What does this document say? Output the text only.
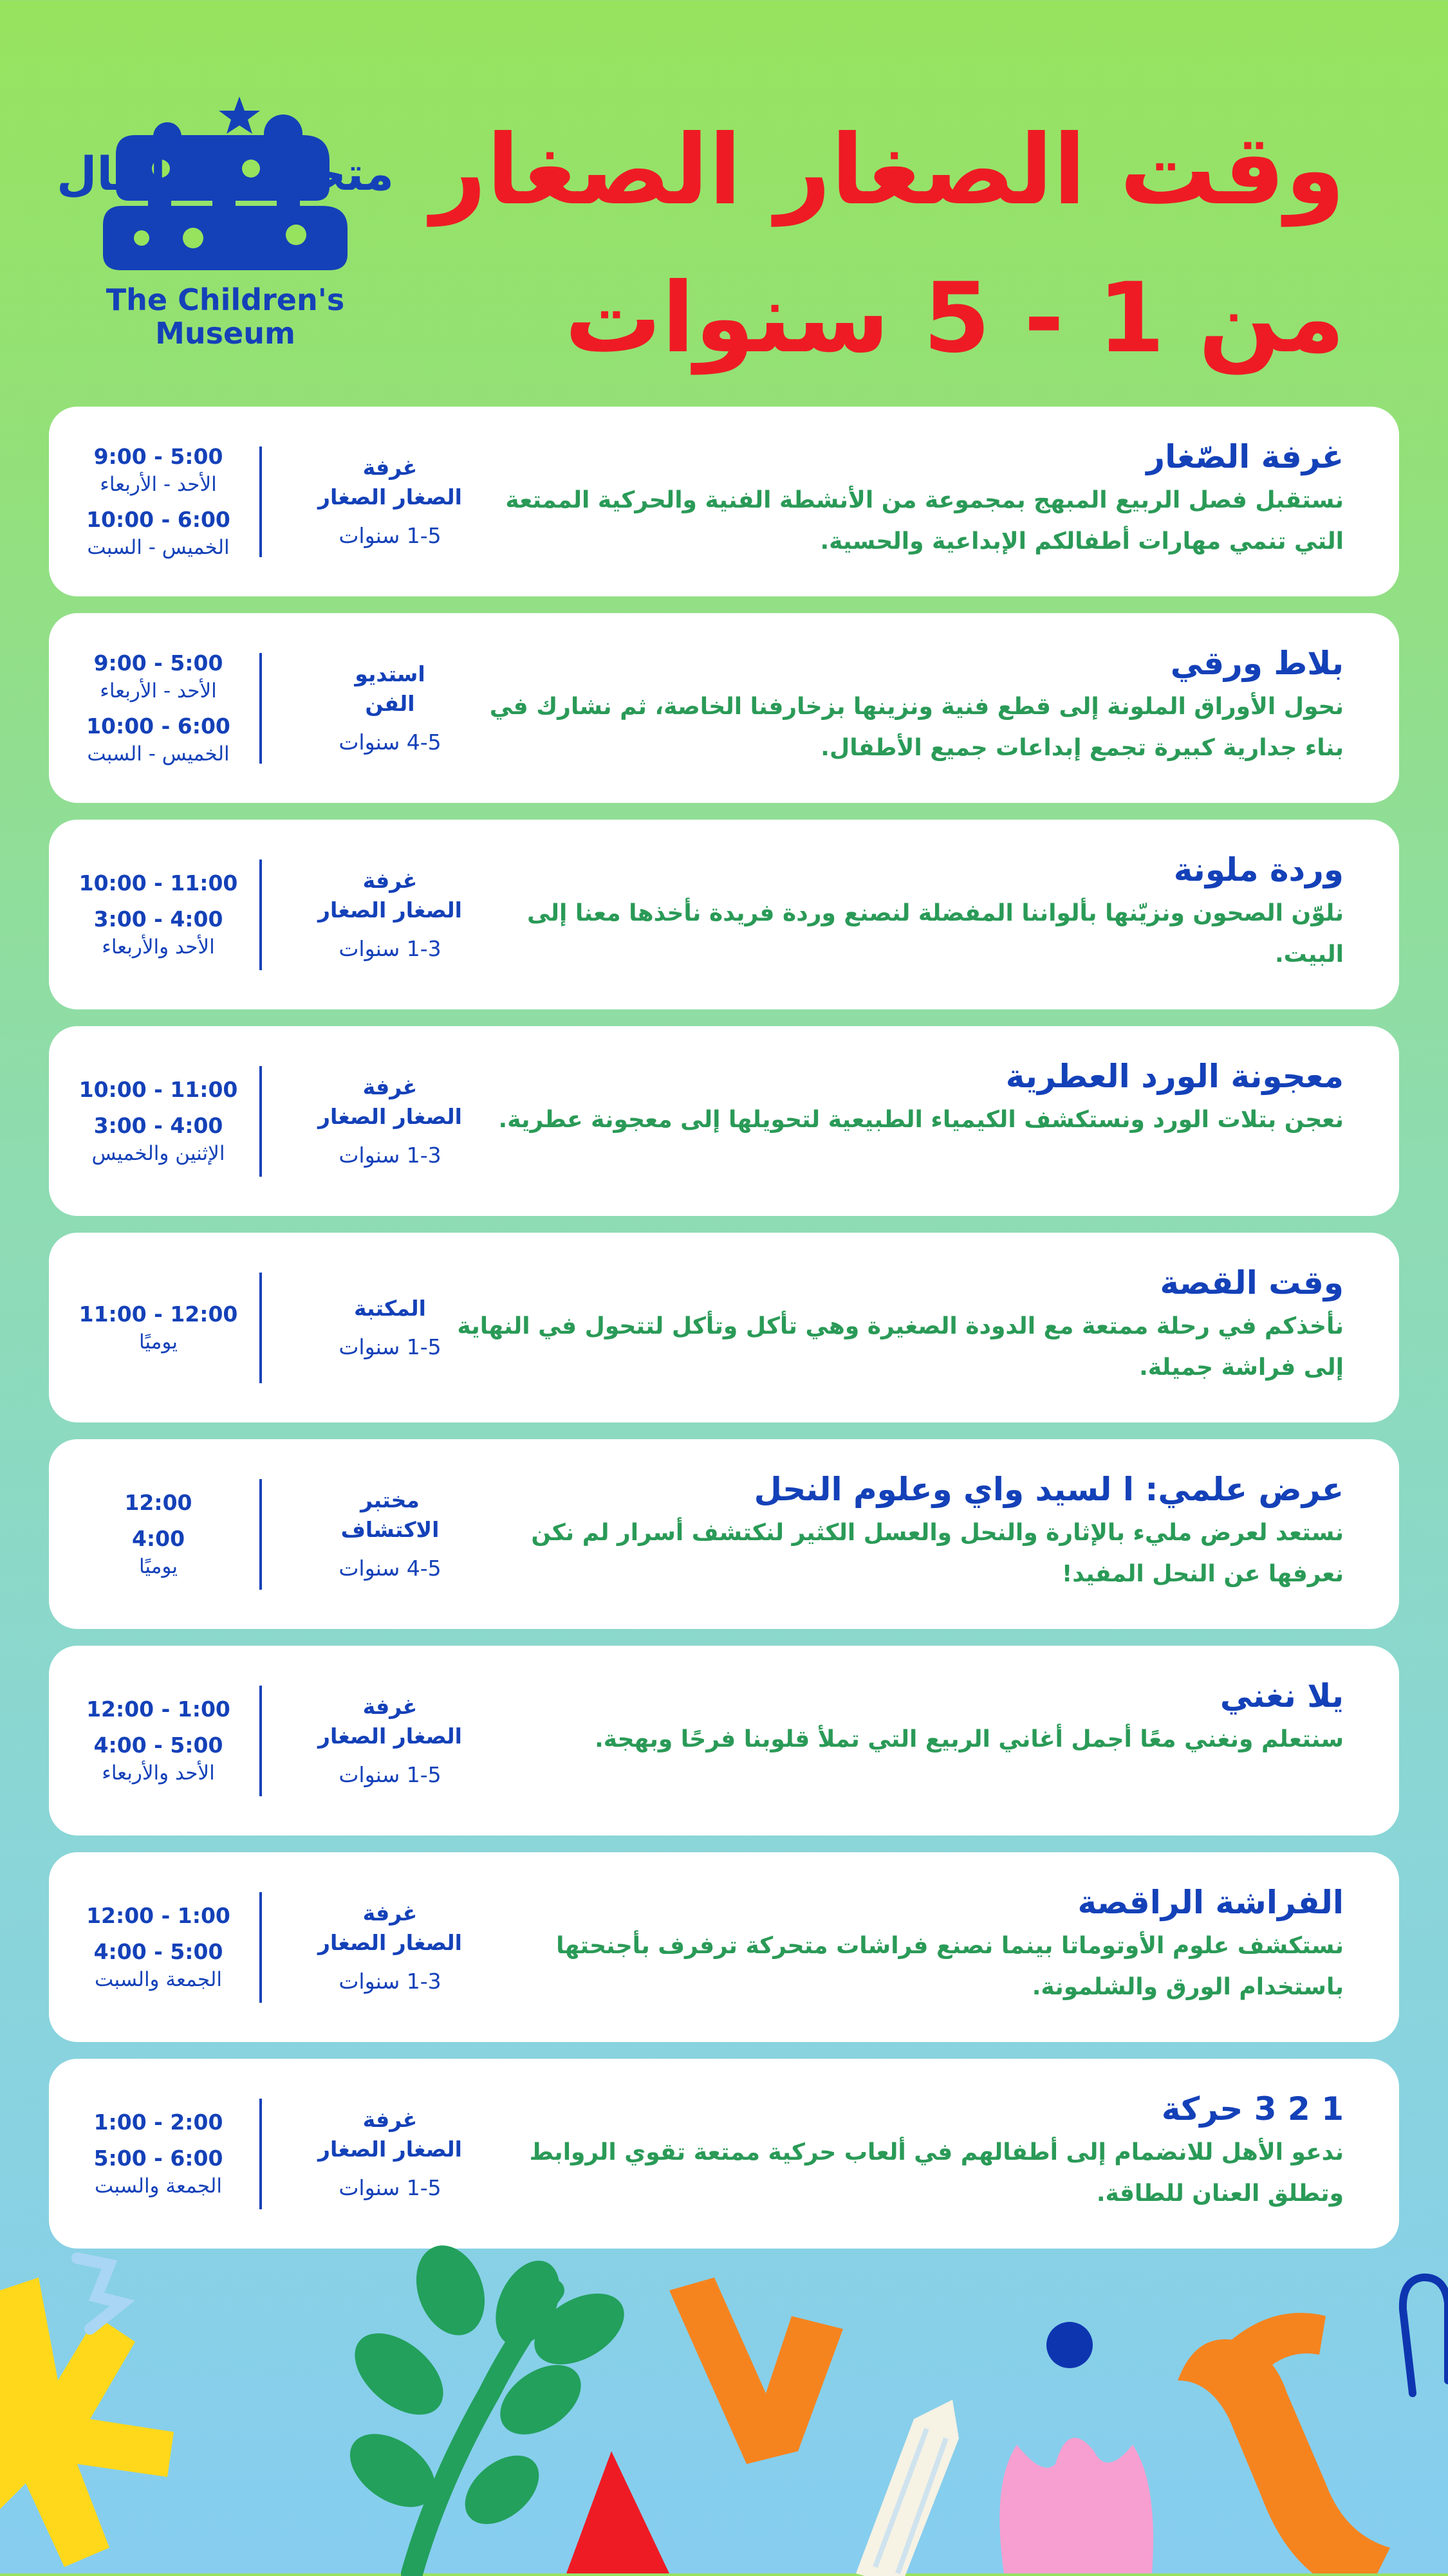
وقت الصغار الصغار
من 1 - 5 سنوات
متحف الأطفال
The Children's
Museum
غرفة الصّغار
نستقبل فصل الربيع المبهج بمجموعة من الأنشطة الفنية والحركية الممتعة التي تنمي مهارات أطفالكم الإبداعية والحسية.
غرفة
الصغار الصغار
1-5 سنوات
9:00 - 5:00
الأحد - الأربعاء
10:00 - 6:00
الخميس - السبت
بلاط ورقي
نحول الأوراق الملونة إلى قطع فنية ونزينها بزخارفنا الخاصة، ثم نشارك في بناء جدارية كبيرة تجمع إبداعات جميع الأطفال.
استديو
الفن
4-5 سنوات
9:00 - 5:00
الأحد - الأربعاء
10:00 - 6:00
الخميس - السبت
وردة ملونة
نلوّن الصحون ونزيّنها بألواننا المفضلة لنصنع وردة فريدة نأخذها معنا إلى البيت.
غرفة
الصغار الصغار
1-3 سنوات
10:00 - 11:00
3:00 - 4:00
الأحد والأربعاء
معجونة الورد العطرية
نعجن بتلات الورد ونستكشف الكيمياء الطبيعية لتحويلها إلى معجونة عطرية.
غرفة
الصغار الصغار
1-3 سنوات
10:00 - 11:00
3:00 - 4:00
الإثنين والخميس
وقت القصة
نأخذكم في رحلة ممتعة مع الدودة الصغيرة وهي تأكل وتأكل لتتحول في النهاية إلى فراشة جميلة.
المكتبة
1-5 سنوات
11:00 - 12:00
يوميًا
عرض علمي: ا لسيد واي وعلوم النحل
نستعد لعرض مليء بالإثارة والنحل والعسل الكثير لنكتشف أسرار لم نكن نعرفها عن النحل المفيد!
مختبر
الاكتشاف
4-5 سنوات
12:00
4:00
يوميًا
يلا نغني
سنتعلم ونغني معًا أجمل أغاني الربيع التي تملأ قلوبنا فرحًا وبهجة.
غرفة
الصغار الصغار
1-5 سنوات
12:00 - 1:00
4:00 - 5:00
الأحد والأربعاء
الفراشة الراقصة
نستكشف علوم الأوتوماتا بينما نصنع فراشات متحركة ترفرف بأجنحتها باستخدام الورق والشلمونة.
غرفة
الصغار الصغار
1-3 سنوات
12:00 - 1:00
4:00 - 5:00
الجمعة والسبت
1 2 3 حركة
ندعو الأهل للانضمام إلى أطفالهم في ألعاب حركية ممتعة تقوي الروابط وتطلق العنان للطاقة.
غرفة
الصغار الصغار
1-5 سنوات
1:00 - 2:00
5:00 - 6:00
الجمعة والسبت
